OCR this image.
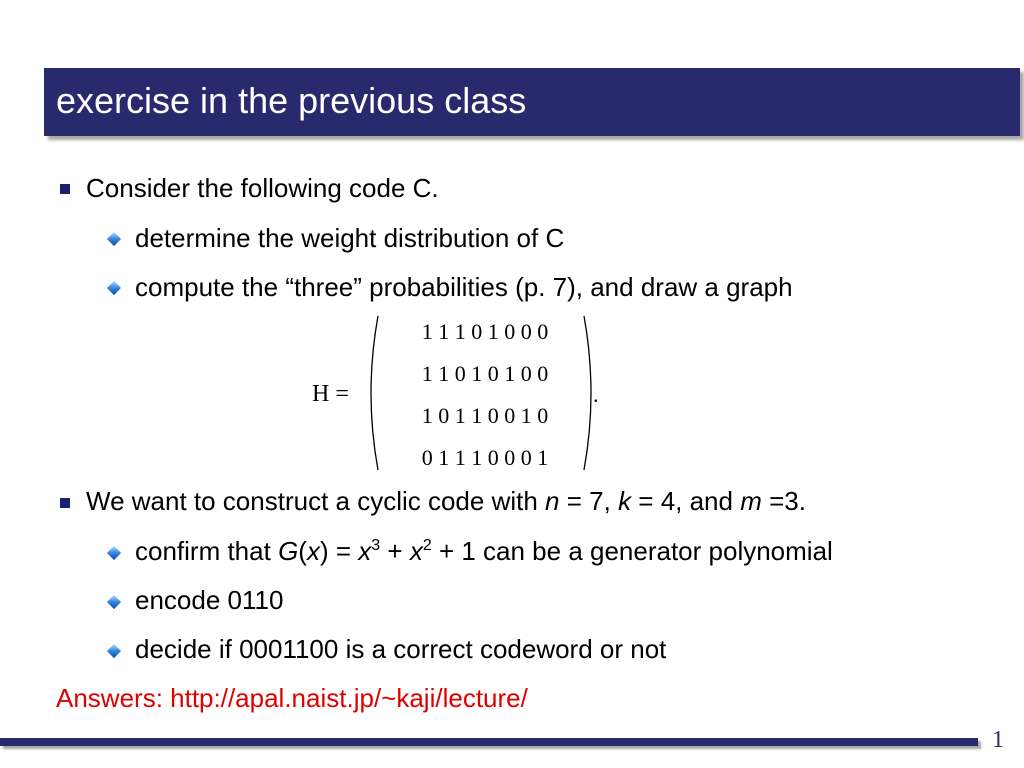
exercise in the previous class
Consider the following code C.
determine the weight distribution of C
compute the “three” probabilities (p. 7), and draw a graph
H =
1 1 1 0 1 0 0 0
1 1 0 1 0 1 0 0
1 0 1 1 0 0 1 0
0 1 1 1 0 0 0 1
.
We want to construct a cyclic code with n = 7, k = 4, and m =3.
confirm that $G(x) = x^3 + x^2 + 1$ can be a generator polynomial
encode 0110
decide if 0001100 is a correct codeword or not
Answers: http://apal.naist.jp/~kaji/lecture/
1
